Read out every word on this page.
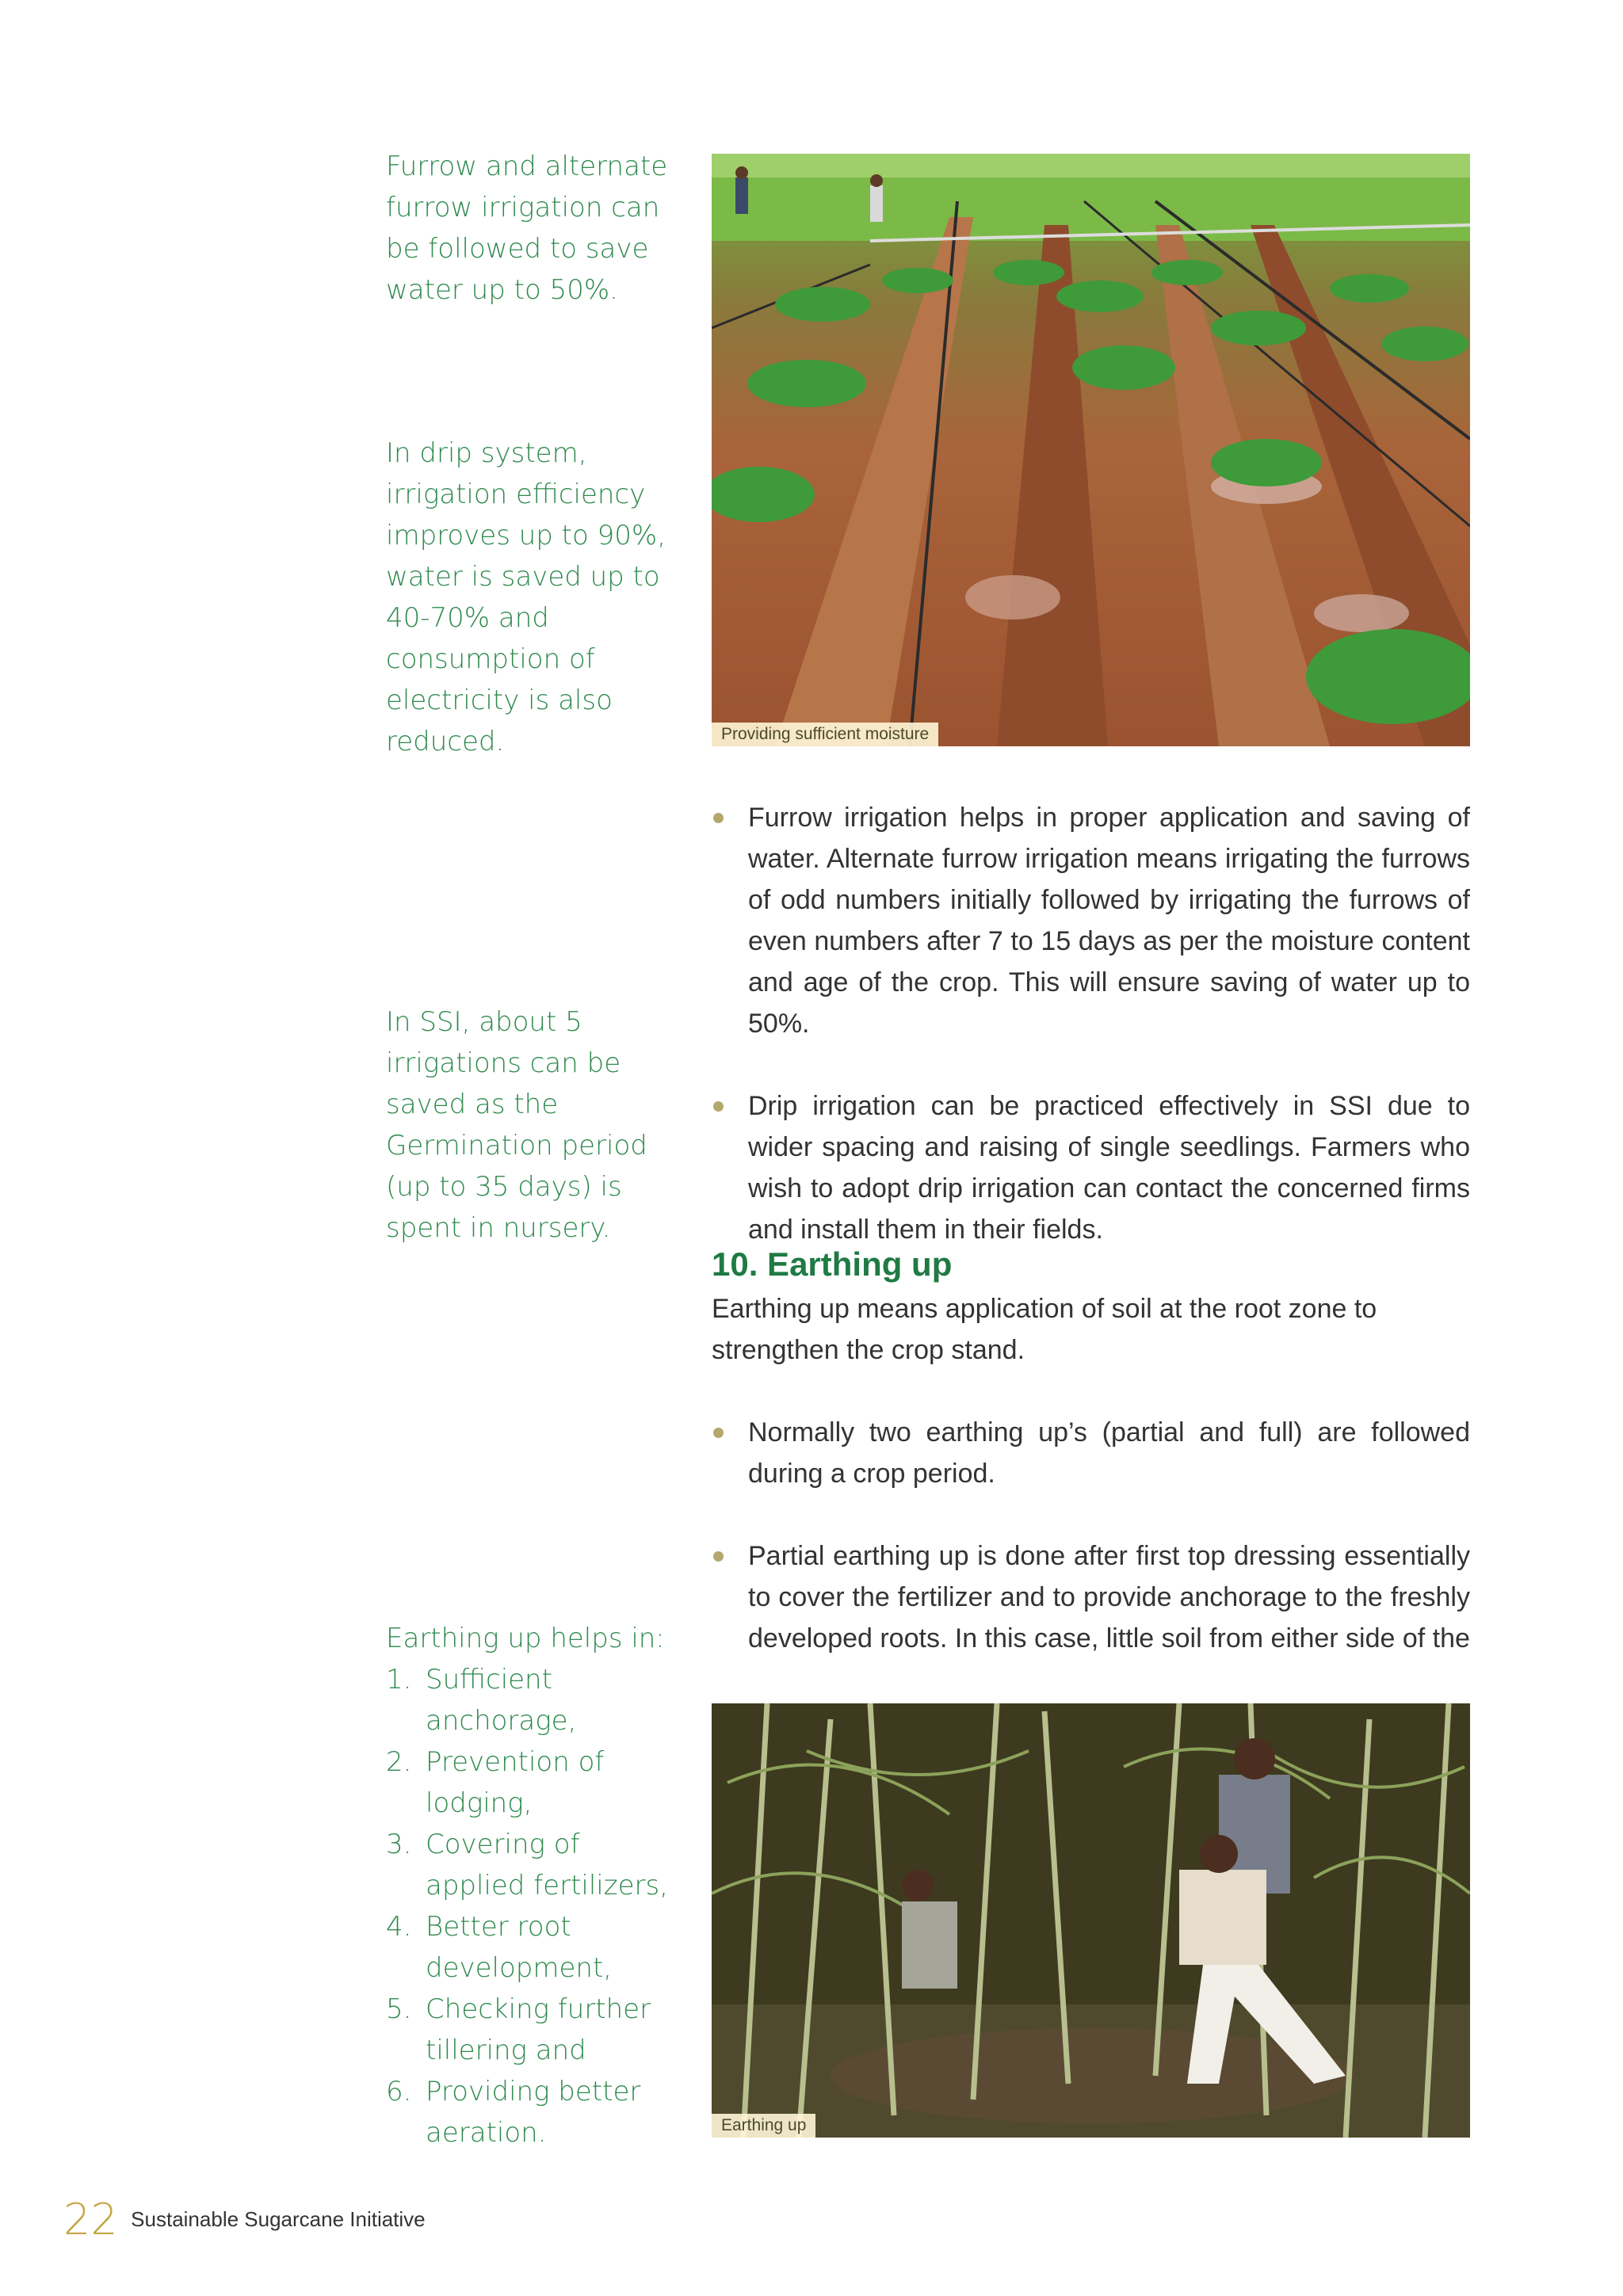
Furrow and alternate furrow irrigation can be followed to save water up to 50%.

In drip system, irrigation efficiency improves up to 90%, water is saved up to 40-70% and consumption of electricity is also reduced.

In SSI, about 5 irrigations can be saved as the Germination period (up to 35 days) is spent in nursery.

Earthing up helps in:

1. Sufficient anchorage,
2. Prevention of lodging,
3. Covering of applied fertilizers,
4. Better root development,
5. Checking further tillering and
6. Providing better aeration.
Providing sufficient moisture
Furrow irrigation helps in proper application and saving of water. Alternate furrow irrigation means irrigating the furrows of odd numbers initially followed by irrigating the furrows of even numbers after 7 to 15 days as per the moisture content and age of the crop. This will ensure saving of water up to 50%.
Drip irrigation can be practiced effectively in SSI due to wider spacing and raising of single seedlings. Farmers who wish to adopt drip irrigation can contact the concerned firms and install them in their fields.
10. Earthing up

Earthing up means application of soil at the root zone to strengthen the crop stand.

Normally two earthing up’s (partial and full) are followed during a crop period.
Partial earthing up is done after first top dressing essentially to cover the fertilizer and to provide anchorage to the freshly developed roots. In this case, little soil from either side of the
Earthing up
22 Sustainable Sugarcane Initiative
